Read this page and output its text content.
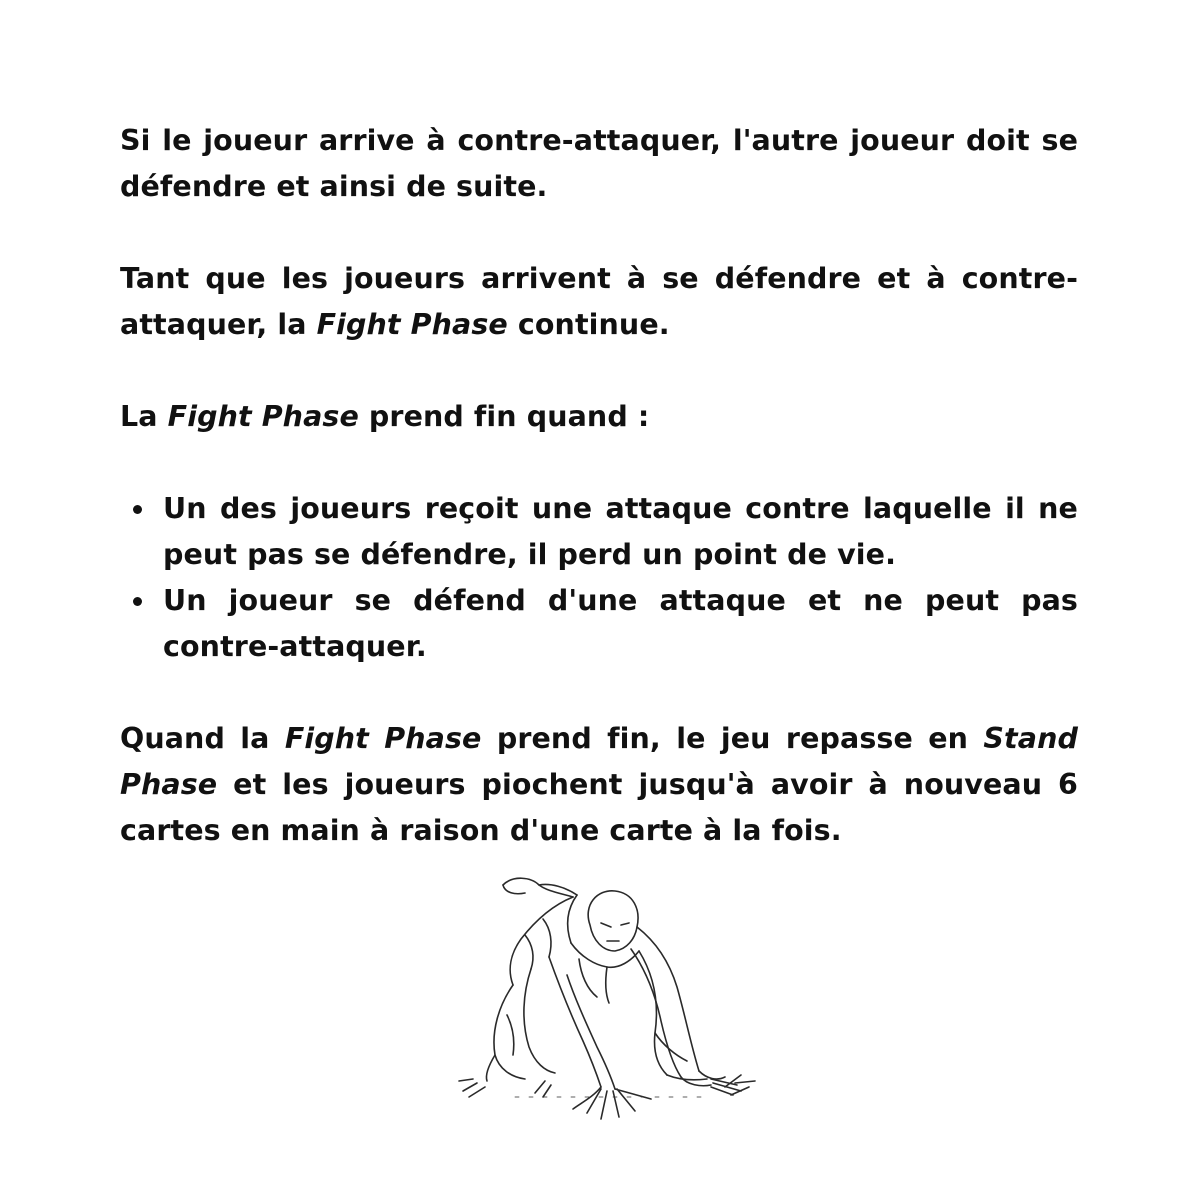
Si le joueur arrive à contre-attaquer, l'autre joueur doit se défendre et ainsi de suite.

Tant que les joueurs arrivent à se défendre et à contre-attaquer, la Fight Phase continue.

La Fight Phase prend fin quand :

Un des joueurs reçoit une attaque contre laquelle il ne peut pas se défendre, il perd un point de vie.
Un joueur se défend d'une attaque et ne peut pas contre-attaquer.

Quand la Fight Phase prend fin, le jeu repasse en Stand Phase et les joueurs piochent jusqu'à avoir à nouveau 6 cartes en main à raison d'une carte à la fois.
